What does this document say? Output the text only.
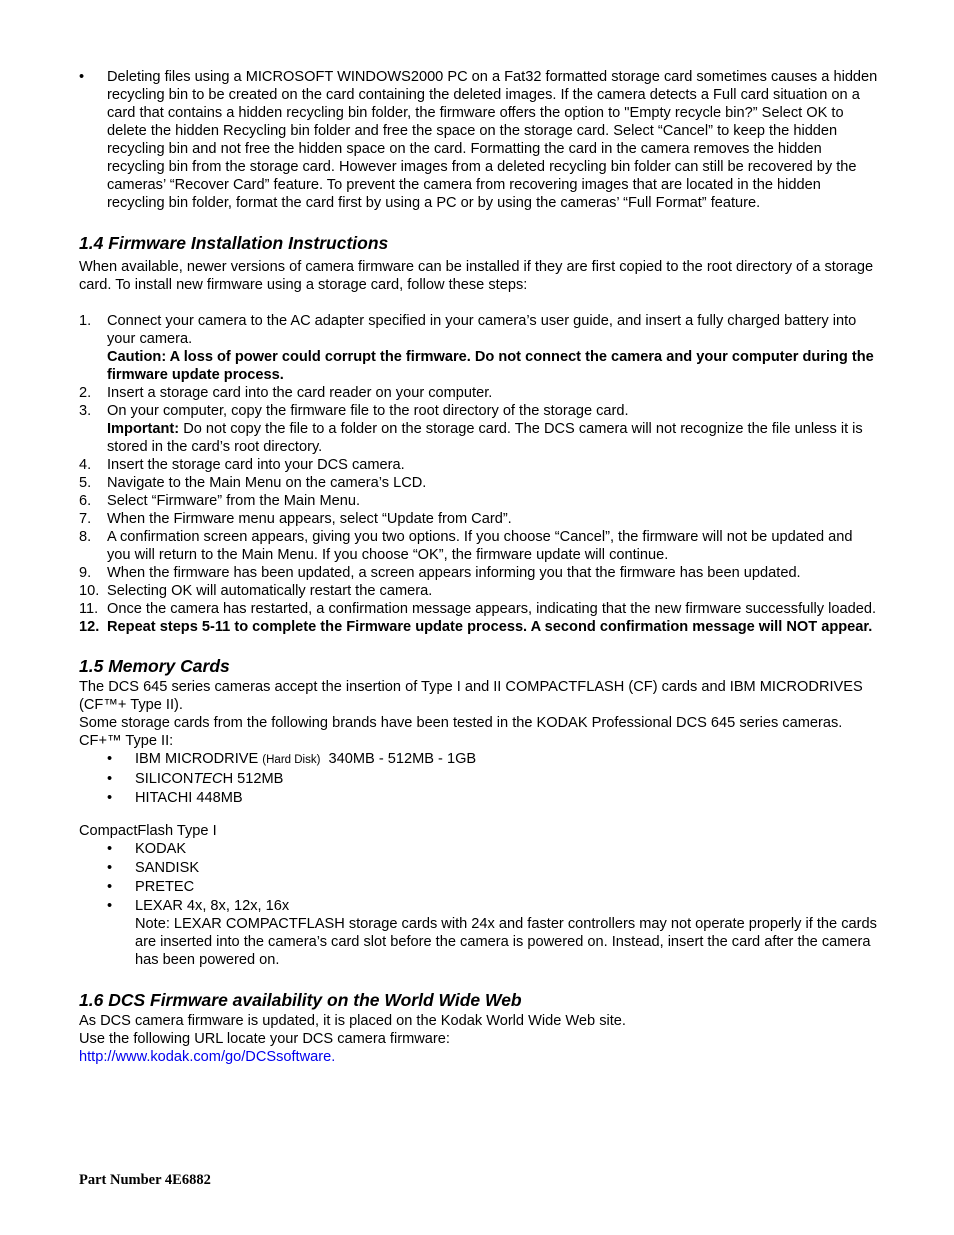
• Deleting files using a MICROSOFT WINDOWS2000 PC on a Fat32 formatted storage card sometimes causes a hidden recycling bin to be created on the card containing the deleted images. If the camera detects a Full card situation on a card that contains a hidden recycling bin folder, the firmware offers the option to "Empty recycle bin?” Select OK to delete the hidden Recycling bin folder and free the space on the storage card. Select “Cancel” to keep the hidden recycling bin and not free the hidden space on the card. Formatting the card in the camera removes the hidden recycling bin from the storage card. However images from a deleted recycling bin folder can still be recovered by the cameras’ “Recover Card” feature. To prevent the camera from recovering images that are located in the hidden recycling bin folder, format the card first by using a PC or by using the cameras’ “Full Format” feature.
1.4 Firmware Installation Instructions

When available, newer versions of camera firmware can be installed if they are first copied to the root directory of a storage card. To install new firmware using a storage card, follow these steps:

1. Connect your camera to the AC adapter specified in your camera’s user guide, and insert a fully charged battery into your camera.
Caution: A loss of power could corrupt the firmware. Do not connect the camera and your computer during the firmware update process.
2. Insert a storage card into the card reader on your computer.
3. On your computer, copy the firmware file to the root directory of the storage card.
Important: Do not copy the file to a folder on the storage card. The DCS camera will not recognize the file unless it is stored in the card’s root directory.
4. Insert the storage card into your DCS camera.
5. Navigate to the Main Menu on the camera’s LCD.
6. Select “Firmware” from the Main Menu.
7. When the Firmware menu appears, select “Update from Card”.
8. A confirmation screen appears, giving you two options. If you choose “Cancel”, the firmware will not be updated and you will return to the Main Menu. If you choose “OK”, the firmware update will continue.
9. When the firmware has been updated, a screen appears informing you that the firmware has been updated.
10. Selecting OK will automatically restart the camera.
11. Once the camera has restarted, a confirmation message appears, indicating that the new firmware successfully loaded.
12. Repeat steps 5-11 to complete the Firmware update process. A second confirmation message will NOT appear.
1.5 Memory Cards

The DCS 645 series cameras accept the insertion of Type I and II COMPACTFLASH (CF) cards and IBM MICRODRIVES (CF™+ Type II).

Some storage cards from the following brands have been tested in the KODAK Professional DCS 645 series cameras.

CF+™ Type II:

• IBM MICRODRIVE (Hard Disk)  340MB - 512MB - 1GB
• SILICONTECH 512MB
• HITACHI 448MB

CompactFlash Type I

• KODAK
• SANDISK
• PRETEC
• LEXAR 4x, 8x, 12x, 16x
Note: LEXAR COMPACTFLASH storage cards with 24x and faster controllers may not operate properly if the cards are inserted into the camera’s card slot before the camera is powered on. Instead, insert the card after the camera has been powered on.
1.6 DCS Firmware availability on the World Wide Web

As DCS camera firmware is updated, it is placed on the Kodak World Wide Web site.

Use the following URL locate your DCS camera firmware:

http://www.kodak.com/go/DCSsoftware.

Part Number 4E6882
